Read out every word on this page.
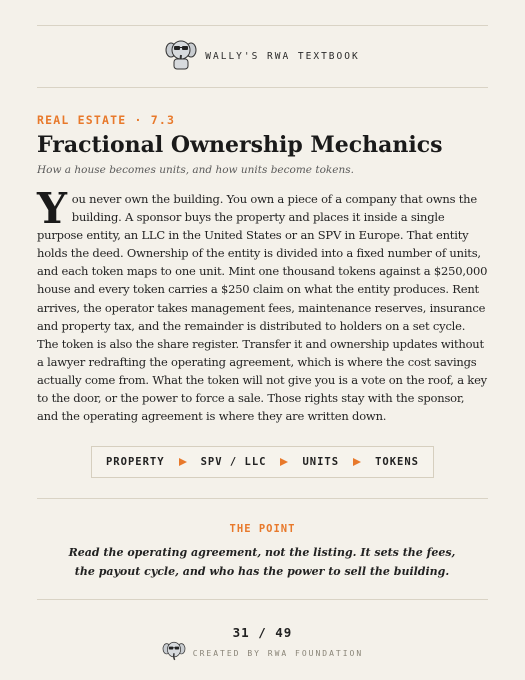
WALLY'S RWA TEXTBOOK
REAL ESTATE · 7.3
Fractional Ownership Mechanics
How a house becomes units, and how units become tokens.
You never own the building. You own a piece of a company that owns the building. A sponsor buys the property and places it inside a single purpose entity, an LLC in the United States or an SPV in Europe. That entity holds the deed. Ownership of the entity is divided into a fixed number of units, and each token maps to one unit. Mint one thousand tokens against a $250,000 house and every token carries a $250 claim on what the entity produces. Rent arrives, the operator takes management fees, maintenance reserves, insurance and property tax, and the remainder is distributed to holders on a set cycle. The token is also the share register. Transfer it and ownership updates without a lawyer redrafting the operating agreement, which is where the cost savings actually come from. What the token will not give you is a vote on the roof, a key to the door, or the power to force a sale. Those rights stay with the sponsor, and the operating agreement is where they are written down.
PROPERTY	SPV / LLC	UNITS	TOKENS
THE POINT
Read the operating agreement, not the listing. It sets the fees,
the payout cycle, and who has the power to sell the building.
31 / 49
CREATED BY RWA FOUNDATION
